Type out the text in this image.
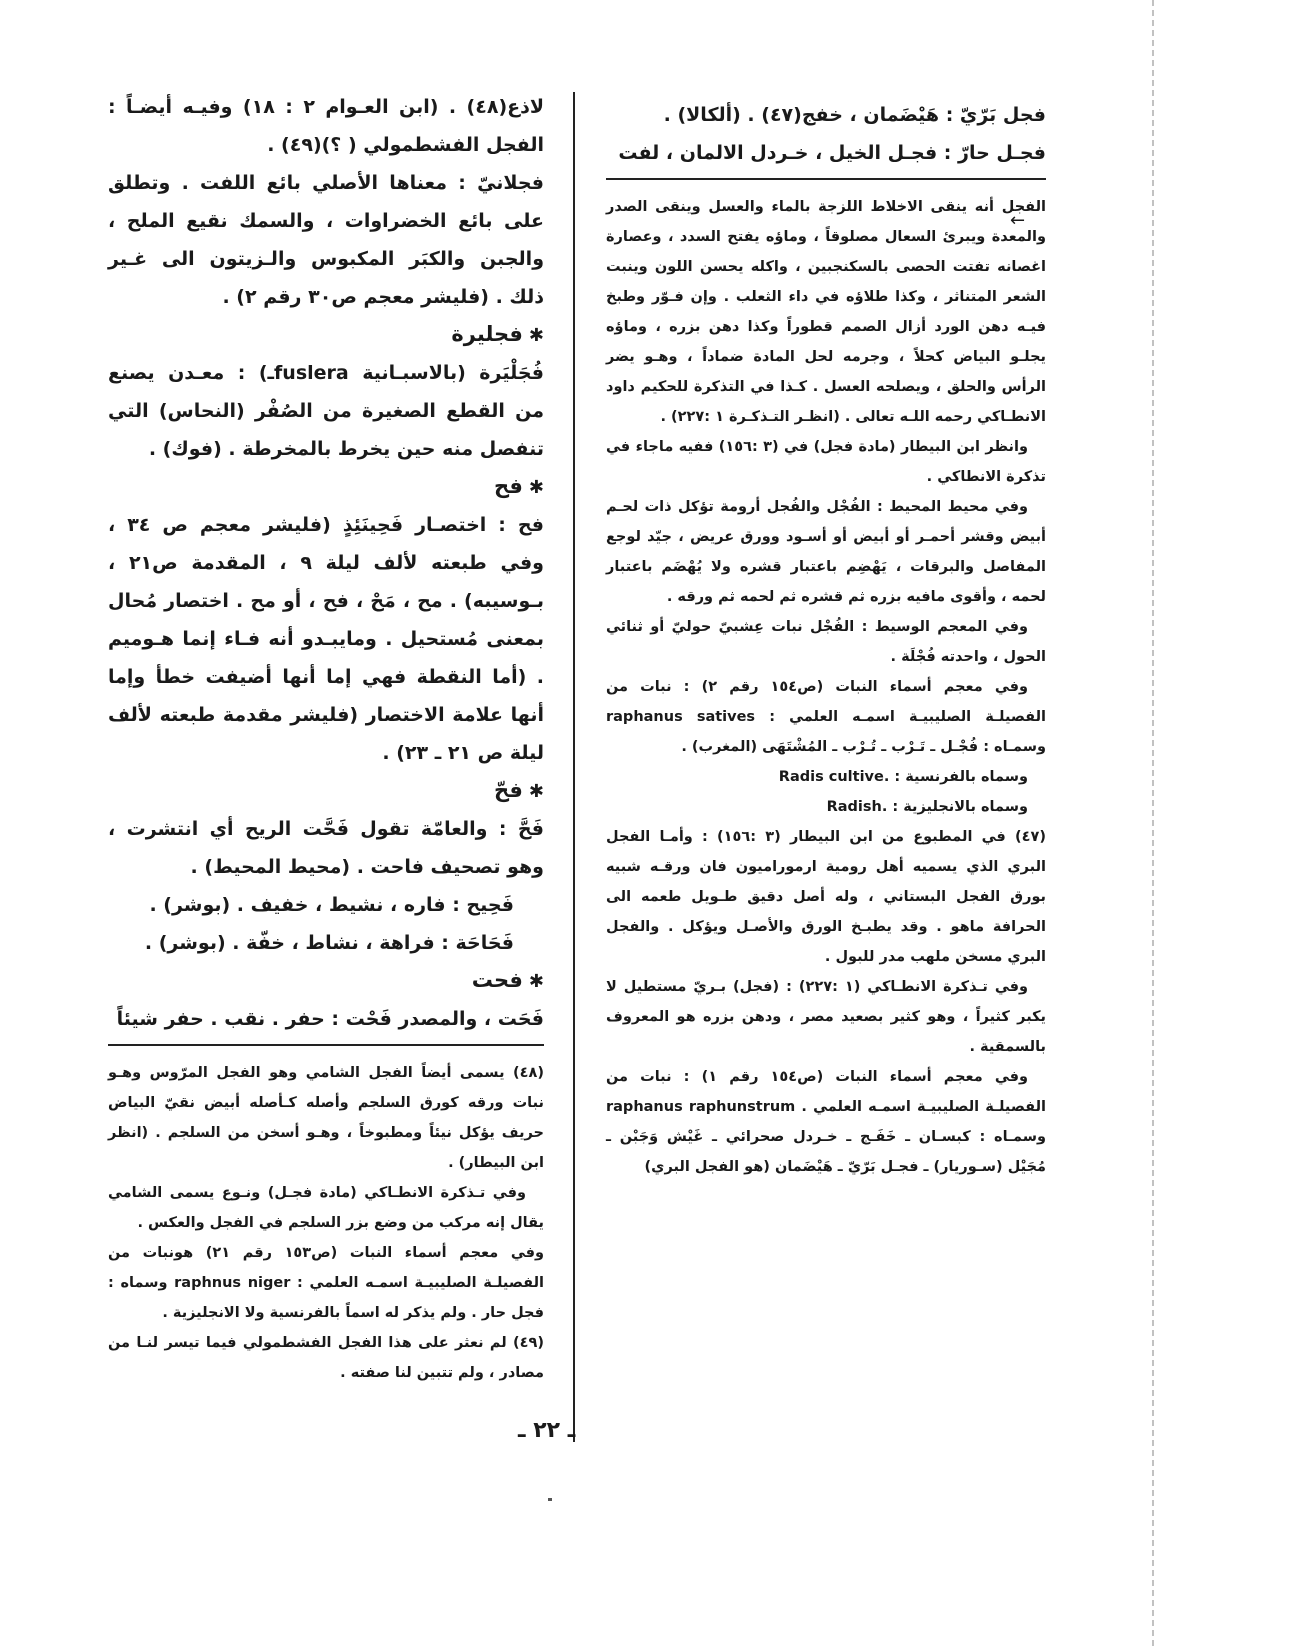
فجل بَرّيّ : هَيْضَمان ، خفج(٤٧) . (ألكالا) .

فجـل حارّ : فجـل الخيل ، خـردل الالمان ، لفت

الفجل أنه ينقى الاخلاط اللزجة بالماء والعسل وينقى الصدر والمعدة ويبرئ السعال مصلوقاً ، وماؤه يفتح السدد ، وعصارة اغصانه تفتت الحصى بالسكنجبين ، واكله يحسن اللون وينبت الشعر المتناثر ، وكذا طلاؤه في داء الثعلب . وإن فـوّر وطبخ فيـه دهن الورد أزال الصمم قطوراً وكذا دهن بزره ، وماؤه يجلـو البياض كحلاً ، وجرمه لحل المادة ضماداً ، وهـو يضر الرأس والحلق ، ويصلحه العسل . كـذا في التذكرة للحكيم داود الانطـاكي رحمه اللـه تعالى . (انظـر التـذكـرة ١ :٢٢٧) .

وانظر ابن البيطار (مادة فجل) في (٣ :١٥٦) ففيه ماجاء في تذكرة الانطاكي .

وفي محيط المحيط : الفُجْل والفُجل أرومة تؤكل ذات لحـم أبيض وقشر أحمـر أو أبيض أو أسـود وورق عريض ، جيّد لوجع المفاصل والبرقات ، يَهْضِم باعتبار قشره ولا يُهْضَم باعتبار لحمه ، وأقوى مافيه بزره ثم قشره ثم لحمه ثم ورقه .

وفي المعجم الوسيط : الفُجْل نبات عِشبيّ حوليّ أو ثنائي الحول ، واحدته فُجْلَة .

وفي معجم أسماء النبات (ص١٥٤ رقم ٢) : نبات من الفصيلـة الصليبيـة اسمـه العلمي : raphanus satives وسمـاه : فُجْـل ـ تَـرْب ـ تُـرْب ـ المُشْتَهَى (المغرب) .

وسماه بالفرنسية : .Radis cultive

وسماه بالانجليزية : .Radish

(٤٧) في المطبوع من ابن البيطار (٣ :١٥٦) : وأمـا الفجل البري الذي يسميه أهل رومية ارموراميون فان ورقـه شبيه بورق الفجل البستاني ، وله أصل دقيق طـويل طعمه الى الحرافة ماهو . وقد يطبـخ الورق والأصـل ويؤكل . والفجل البري مسخن ملهب مدر للبول .

وفي تـذكرة الانطـاكي (١ :٢٢٧) : (فجل) بـريّ مستطيل لا يكبر كثيراً ، وهو كثير بصعيد مصر ، ودهن بزره هو المعروف بالسمقية .

وفي معجم أسماء النبات (ص١٥٤ رقم ١) : نبات من الفصيلـة الصليبيـة اسمـه العلمي . raphanus raphunstrum وسمـاه : كبسـان ـ خَفَـج ـ خـردل صحرائي ـ غَيْش وَجَبْن ـ مُجَيْل (سـوريار) ـ فجـل بَرّيّ ـ هَيْضَمان (هو الفجل البري)

←

لاذع(٤٨) . (ابن العـوام ٢ : ١٨) وفيـه أيضـاً : الفجل الفشطمولي ( ؟)(٤٩) .

فجلانيّ : معناها الأصلي بائع اللفت . وتطلق على بائع الخضراوات ، والسمك نقيع الملح ، والجبن والكبَر المكبوس والـزيتون الى غـير ذلك . (فليشر معجم ص٣٠ رقم ٢) .

✱فجليرة

فُجَلْيَرة (بالاسبـانية fusleraـ) : معـدن يصنع من القطع الصغيرة من الصُفْر (النحاس) التي تنفصل منه حين يخرط بالمخرطة . (فوك) .

✱فح

فح : اختصـار فَحِينَئِذٍ (فليشر معجم ص ٣٤ ، وفي طبعته لألف ليلة ٩ ، المقدمة ص٢١ ، بـوسيبه) . مح ، مَحْ ، فح ، أو مح . اختصار مُحال بمعنى مُستحيل . ومايبـدو أنه فـاء إنما هـوميم . (أما النقطة فهي إما أنها أضيفت خطأ وإما أنها علامة الاختصار (فليشر مقدمة طبعته لألف ليلة ص ٢١ ـ ٢٣) .

✱فحّ

فَحَّ : والعامّة تقول فَحَّت الريح أي انتشرت ، وهو تصحيف فاحت . (محيط المحيط) .

فَحِيح : فاره ، نشيط ، خفيف . (بوشر) .

فَحَاحَة : فراهة ، نشاط ، خفّة . (بوشر) .

✱فحت

فَحَت ، والمصدر فَحْت : حفر . نقب . حفر شيئاً

(٤٨) يسمى أيضاً الفجل الشامي وهو الفجل المرّوس وهـو نبات ورقه كورق السلجم وأصله كـأصله أبيض نقيّ البياض حريف يؤكل نيئاً ومطبوخاً ، وهـو أسخن من السلجم . (انظر ابن البيطار) .

وفي تـذكرة الانطـاكي (مادة فجـل) ونـوع يسمى الشامي يقال إنه مركب من وضع بزر السلجم في الفجل والعكس .

وفي معجم أسماء النبات (ص١٥٣ رقم ٢١) هونبات من الفصيلـة الصليبيـة اسمـه العلمي : raphnus niger وسماه : فجل حار . ولم يذكر له اسماً بالفرنسية ولا الانجليزية .

(٤٩) لم نعثر على هذا الفجل الفشطمولي فيما تيسر لنـا من مصادر ، ولم تتبين لنا صفته .

ـ ٢٢ ـ
